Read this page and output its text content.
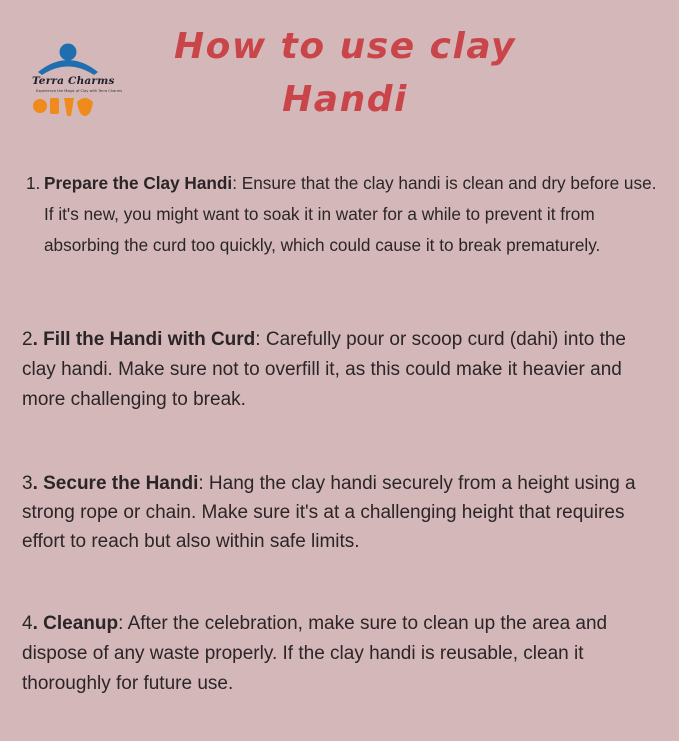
Terra Charms
Experience the Magic of Clay with Terra Charms
How to use clay
Handi

1. Prepare the Clay Handi: Ensure that the clay handi is clean and dry before use. If it's new, you might want to soak it in water for a while to prevent it from absorbing the curd too quickly, which could cause it to break prematurely.

2. Fill the Handi with Curd: Carefully pour or scoop curd (dahi) into the clay handi. Make sure not to overfill it, as this could make it heavier and more challenging to break.

3. Secure the Handi: Hang the clay handi securely from a height using a strong rope or chain. Make sure it's at a challenging height that requires effort to reach but also within safe limits.

4. Cleanup: After the celebration, make sure to clean up the area and dispose of any waste properly. If the clay handi is reusable, clean it thoroughly for future use.
